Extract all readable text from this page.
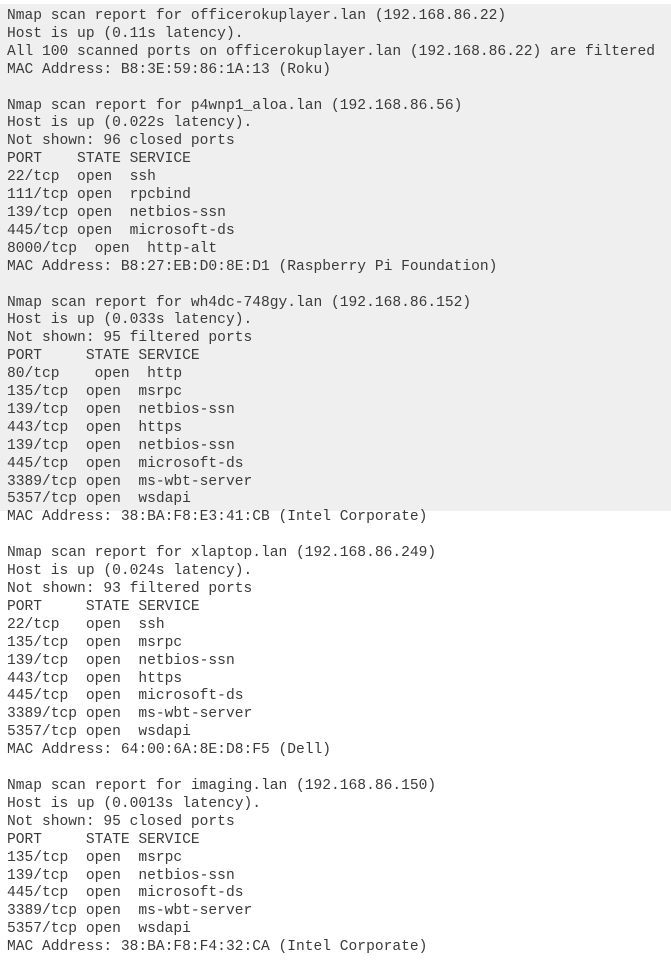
Nmap scan report for officerokuplayer.lan (192.168.86.22)
Host is up (0.11s latency).
All 100 scanned ports on officerokuplayer.lan (192.168.86.22) are filtered
MAC Address: B8:3E:59:86:1A:13 (Roku)
Nmap scan report for p4wnp1_aloa.lan (192.168.86.56)
Host is up (0.022s latency).
Not shown: 96 closed ports
PORT    STATE SERVICE
22/tcp  open  ssh
111/tcp open  rpcbind
139/tcp open  netbios-ssn
445/tcp open  microsoft-ds
8000/tcp  open  http-alt
MAC Address: B8:27:EB:D0:8E:D1 (Raspberry Pi Foundation)
Nmap scan report for wh4dc-748gy.lan (192.168.86.152)
Host is up (0.033s latency).
Not shown: 95 filtered ports
PORT     STATE SERVICE
80/tcp    open  http
135/tcp  open  msrpc
139/tcp  open  netbios-ssn
443/tcp  open  https
139/tcp  open  netbios-ssn
445/tcp  open  microsoft-ds
3389/tcp open  ms-wbt-server
5357/tcp open  wsdapi
MAC Address: 38:BA:F8:E3:41:CB (Intel Corporate)
Nmap scan report for xlaptop.lan (192.168.86.249)
Host is up (0.024s latency).
Not shown: 93 filtered ports
PORT     STATE SERVICE
22/tcp   open  ssh
135/tcp  open  msrpc
139/tcp  open  netbios-ssn
443/tcp  open  https
445/tcp  open  microsoft-ds
3389/tcp open  ms-wbt-server
5357/tcp open  wsdapi
MAC Address: 64:00:6A:8E:D8:F5 (Dell)
Nmap scan report for imaging.lan (192.168.86.150)
Host is up (0.0013s latency).
Not shown: 95 closed ports
PORT     STATE SERVICE
135/tcp  open  msrpc
139/tcp  open  netbios-ssn
445/tcp  open  microsoft-ds
3389/tcp open  ms-wbt-server
5357/tcp open  wsdapi
MAC Address: 38:BA:F8:F4:32:CA (Intel Corporate)
